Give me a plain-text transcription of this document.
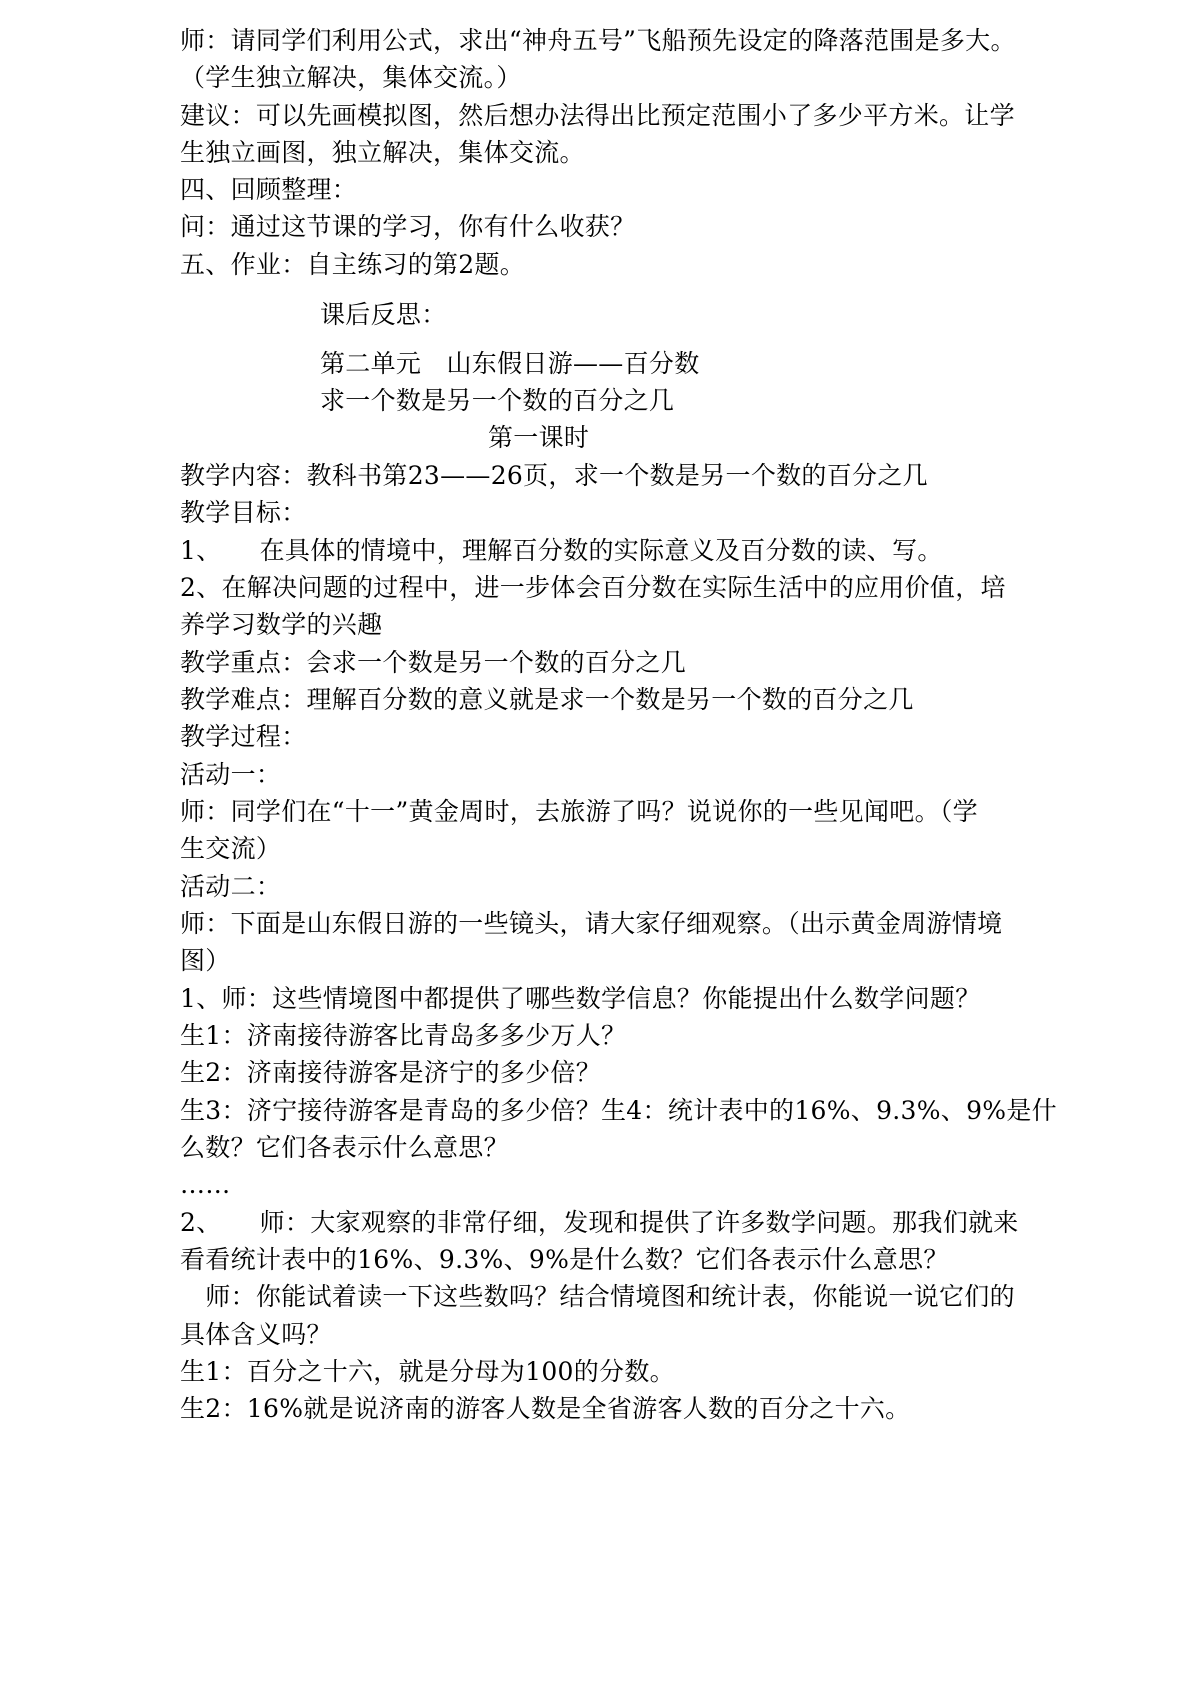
师：请同学们利用公式，求出“神舟五号”飞船预先设定的降落范围是多大。
（学生独立解决，集体交流。）
建议：可以先画模拟图，然后想办法得出比预定范围小了多少平方米。让学
生独立画图，独立解决，集体交流。
四、回顾整理：
问：通过这节课的学习，你有什么收获？
五、作业：自主练习的第2题。
课后反思：
第二单元　山东假日游——百分数
求一个数是另一个数的百分之几
第一课时
教学内容：教科书第23——26页，求一个数是另一个数的百分之几
教学目标：
1、　　在具体的情境中，理解百分数的实际意义及百分数的读、写。
2、在解决问题的过程中，进一步体会百分数在实际生活中的应用价值，培
养学习数学的兴趣
教学重点：会求一个数是另一个数的百分之几
教学难点：理解百分数的意义就是求一个数是另一个数的百分之几
教学过程：
活动一：
师：同学们在“十一”黄金周时，去旅游了吗？说说你的一些见闻吧。（学
生交流）
活动二：
师：下面是山东假日游的一些镜头，请大家仔细观察。（出示黄金周游情境
图）
1、师：这些情境图中都提供了哪些数学信息？你能提出什么数学问题？
生1：济南接待游客比青岛多多少万人？
生2：济南接待游客是济宁的多少倍？
生3：济宁接待游客是青岛的多少倍？生4：统计表中的16%、9.3%、9%是什
么数？它们各表示什么意思？
……
2、　　师：大家观察的非常仔细，发现和提供了许多数学问题。那我们就来
看看统计表中的16%、9.3%、9%是什么数？它们各表示什么意思？
　师：你能试着读一下这些数吗？结合情境图和统计表，你能说一说它们的
具体含义吗？
生1：百分之十六，就是分母为100的分数。
生2：16%就是说济南的游客人数是全省游客人数的百分之十六。
